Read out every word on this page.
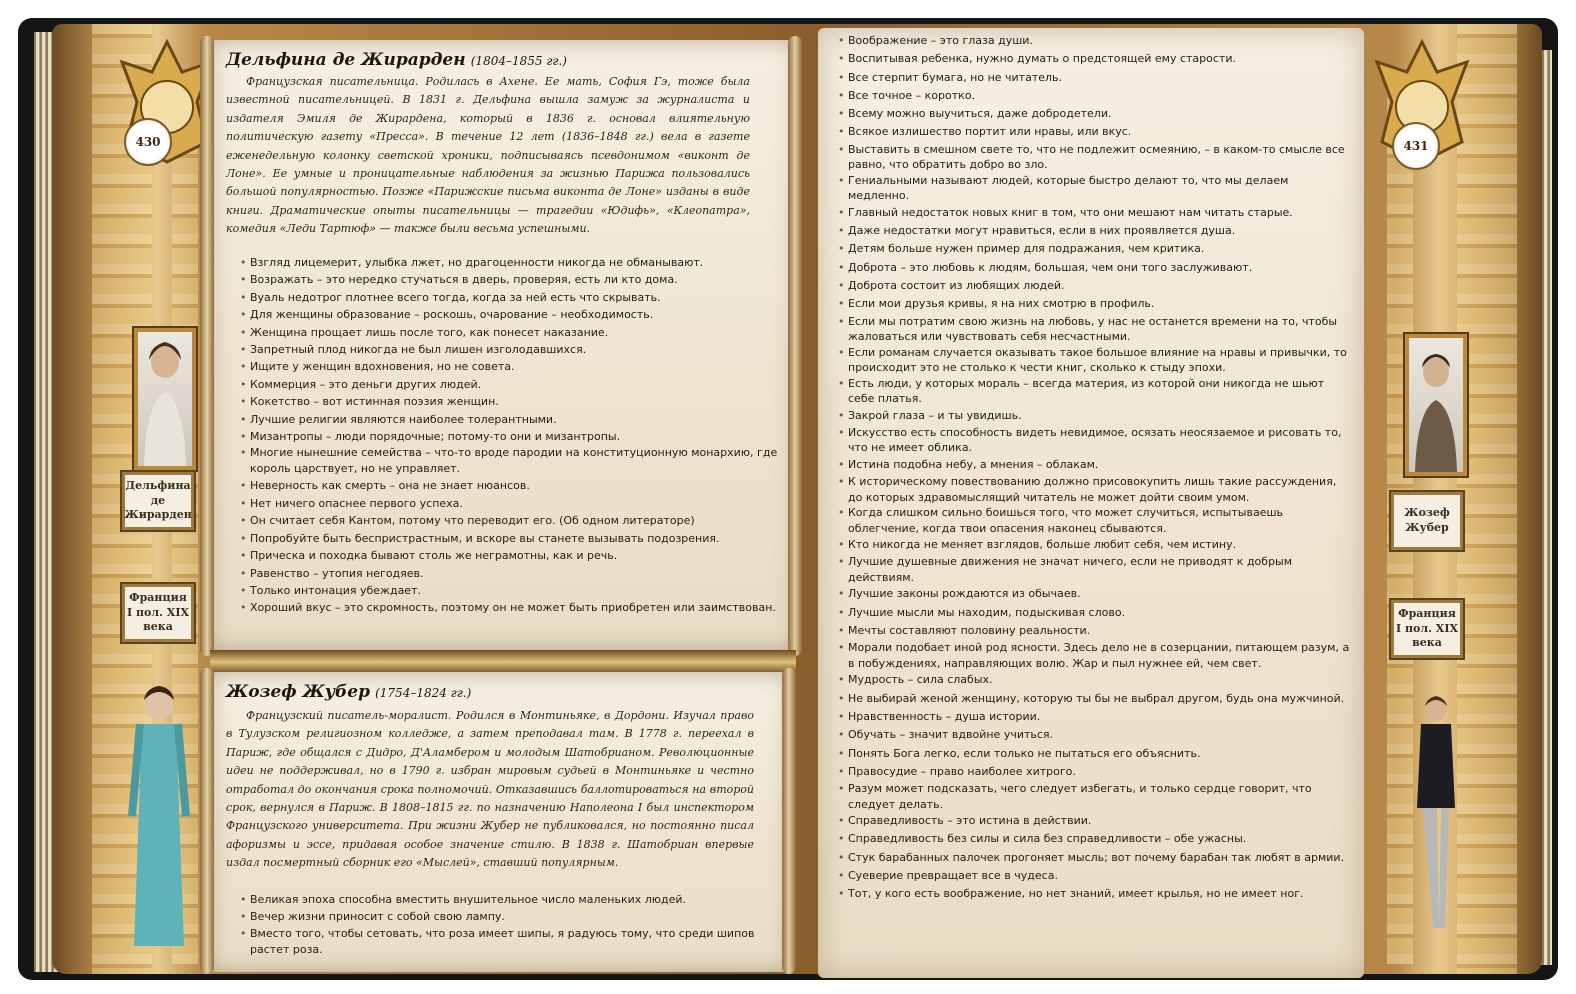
Дельфина де Жирарден
Франция I пол. XIX века
Жозеф Жубер
Франция I пол. XIX века
430	431
Дельфина де Жирарден (1804–1855 гг.)
Французская писательница. Родилась в Ахене. Ее мать, София Гэ, тоже была известной писательницей. В 1831 г. Дельфина вышла замуж за журналиста и издателя Эмиля де Жирардена, который в 1836 г. основал влиятельную политическую газету «Пресса». В течение 12 лет (1836–1848 гг.) вела в газете еженедельную колонку светской хроники, подписываясь псевдонимом «виконт де Лоне». Ее умные и проницательные наблюдения за жизнью Парижа пользовались большой популярностью. Позже «Парижские письма виконта де Лоне» изданы в виде книги. Драматические опыты писательницы — трагедии «Юдифь», «Клеопатра», комедия «Леди Тартюф» — также были весьма успешными.
• Взгляд лицемерит, улыбка лжет, но драгоценности никогда не обманывают.
• Возражать – это нередко стучаться в дверь, проверяя, есть ли кто дома.
• Вуаль недотрог плотнее всего тогда, когда за ней есть что скрывать.
• Для женщины образование – роскошь, очарование – необходимость.
• Женщина прощает лишь после того, как понесет наказание.
• Запретный плод никогда не был лишен изголодавшихся.
• Ищите у женщин вдохновения, но не совета.
• Коммерция – это деньги других людей.
• Кокетство – вот истинная поэзия женщин.
• Лучшие религии являются наиболее толерантными.
• Мизантропы – люди порядочные; потому-то они и мизантропы.
• Многие нынешние семейства – что-то вроде пародии на конституционную монархию, где король царствует, но не управляет.
• Неверность как смерть – она не знает нюансов.
• Нет ничего опаснее первого успеха.
• Он считает себя Кантом, потому что переводит его. (Об одном литераторе)
• Попробуйте быть беспристрастным, и вскоре вы станете вызывать подозрения.
• Прическа и походка бывают столь же неграмотны, как и речь.
• Равенство – утопия негодяев.
• Только интонация убеждает.
• Хороший вкус – это скромность, поэтому он не может быть приобретен или заимствован.
Жозеф Жубер (1754–1824 гг.)
Французский писатель-моралист. Родился в Монтиньяке, в Дордони. Изучал право в Тулузском религиозном колледже, а затем преподавал там. В 1778 г. переехал в Париж, где общался с Дидро, Д'Аламбером и молодым Шатобрианом. Революционные идеи не поддерживал, но в 1790 г. избран мировым судьей в Монтиньяке и честно отработал до окончания срока полномочий. Отказавшись баллотироваться на второй срок, вернулся в Париж. В 1808–1815 гг. по назначению Наполеона I был инспектором Французского университета. При жизни Жубер не публиковался, но постоянно писал афоризмы и эссе, придавая особое значение стилю. В 1838 г. Шатобриан впервые издал посмертный сборник его «Мыслей», ставший популярным.
• Великая эпоха способна вместить внушительное число маленьких людей.
• Вечер жизни приносит с собой свою лампу.
• Вместо того, чтобы сетовать, что роза имеет шипы, я радуюсь тому, что среди шипов растет роза.
• Воображение – это глаза души.
• Воспитывая ребенка, нужно думать о предстоящей ему старости.
• Все стерпит бумага, но не читатель.
• Все точное – коротко.
• Всему можно выучиться, даже добродетели.
• Всякое излишество портит или нравы, или вкус.
• Выставить в смешном свете то, что не подлежит осмеянию, – в каком-то смысле все равно, что обратить добро во зло.
• Гениальными называют людей, которые быстро делают то, что мы делаем медленно.
• Главный недостаток новых книг в том, что они мешают нам читать старые.
• Даже недостатки могут нравиться, если в них проявляется душа.
• Детям больше нужен пример для подражания, чем критика.
• Доброта – это любовь к людям, большая, чем они того заслуживают.
• Доброта состоит из любящих людей.
• Если мои друзья кривы, я на них смотрю в профиль.
• Если мы потратим свою жизнь на любовь, у нас не останется времени на то, чтобы жаловаться или чувствовать себя несчастными.
• Если романам случается оказывать такое большое влияние на нравы и привычки, то происходит это не столько к чести книг, сколько к стыду эпохи.
• Есть люди, у которых мораль – всегда материя, из которой они никогда не шьют себе платья.
• Закрой глаза – и ты увидишь.
• Искусство есть способность видеть невидимое, осязать неосязаемое и рисовать то, что не имеет облика.
• Истина подобна небу, а мнения – облакам.
• К историческому повествованию должно присовокупить лишь такие рассуждения, до которых здравомыслящий читатель не может дойти своим умом.
• Когда слишком сильно боишься того, что может случиться, испытываешь облегчение, когда твои опасения наконец сбываются.
• Кто никогда не меняет взглядов, больше любит себя, чем истину.
• Лучшие душевные движения не значат ничего, если не приводят к добрым действиям.
• Лучшие законы рождаются из обычаев.
• Лучшие мысли мы находим, подыскивая слово.
• Мечты составляют половину реальности.
• Морали подобает иной род ясности. Здесь дело не в созерцании, питающем разум, а в побуждениях, направляющих волю. Жар и пыл нужнее ей, чем свет.
• Мудрость – сила слабых.
• Не выбирай женой женщину, которую ты бы не выбрал другом, будь она мужчиной.
• Нравственность – душа истории.
• Обучать – значит вдвойне учиться.
• Понять Бога легко, если только не пытаться его объяснить.
• Правосудие – право наиболее хитрого.
• Разум может подсказать, чего следует избегать, и только сердце говорит, что следует делать.
• Справедливость – это истина в действии.
• Справедливость без силы и сила без справедливости – обе ужасны.
• Стук барабанных палочек прогоняет мысль; вот почему барабан так любят в армии.
• Суеверие превращает все в чудеса.
• Тот, у кого есть воображение, но нет знаний, имеет крылья, но не имеет ног.
